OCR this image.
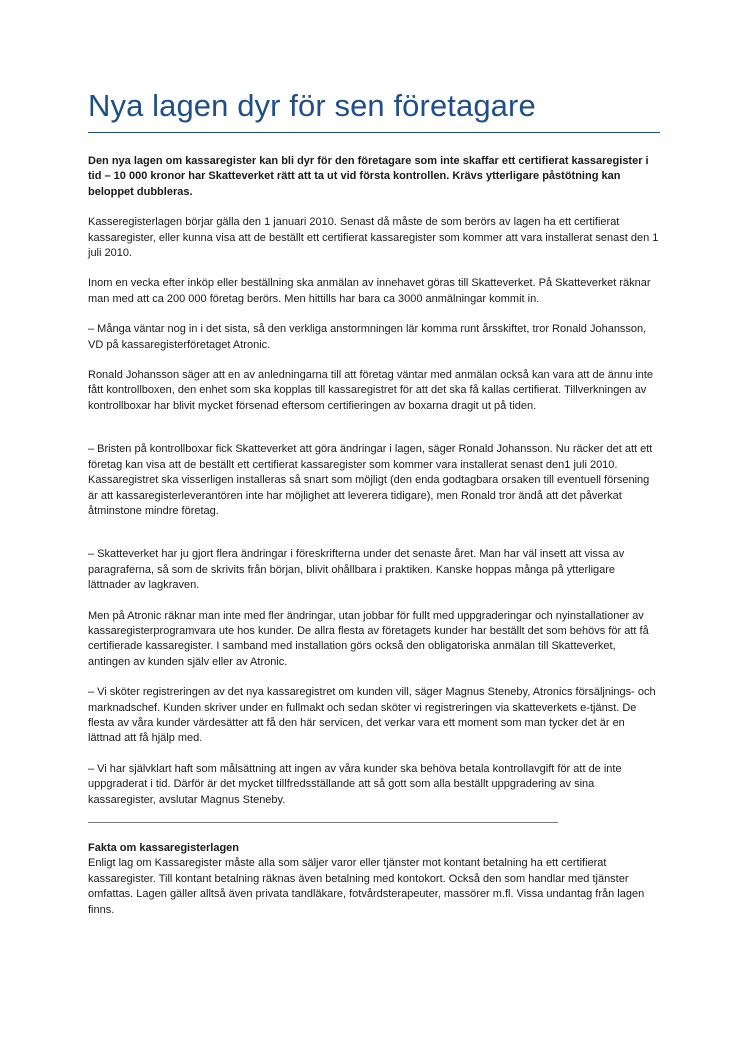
Nya lagen dyr för sen företagare

Den nya lagen om kassaregister kan bli dyr för den företagare som inte skaffar ett certifierat kassaregister i tid – 10 000 kronor har Skatteverket rätt att ta ut vid första kontrollen. Krävs ytterligare påstötning kan beloppet dubbleras.

Kasseregisterlagen börjar gälla den 1 januari 2010. Senast då måste de som berörs av lagen ha ett certifierat kassaregister, eller kunna visa att de beställt ett certifierat kassaregister som kommer att vara installerat senast den 1 juli 2010.

Inom en vecka efter inköp eller beställning ska anmälan av innehavet göras till Skatteverket. På Skatteverket räknar man med att ca 200 000 företag berörs. Men hittills har bara ca 3000 anmälningar kommit in.

– Många väntar nog in i det sista, så den verkliga anstormningen lär komma runt årsskiftet, tror Ronald Johansson, VD på kassaregisterföretaget Atronic.

Ronald Johansson säger att en av anledningarna till att företag väntar med anmälan också kan vara att de ännu inte fått kontrollboxen, den enhet som ska kopplas till kassaregistret för att det ska få kallas certifierat. Tillverkningen av kontrollboxar har blivit mycket försenad eftersom certifieringen av boxarna dragit ut på tiden.

– Bristen på kontrollboxar fick Skatteverket att göra ändringar i lagen, säger Ronald Johansson. Nu räcker det att ett företag kan visa att de beställt ett certifierat kassaregister som kommer vara installerat senast den1 juli 2010. Kassaregistret ska visserligen installeras så snart som möjligt (den enda godtagbara orsaken till eventuell försening är att kassaregisterleverantören inte har möjlighet att leverera tidigare), men Ronald tror ändå att det påverkat åtminstone mindre företag.

– Skatteverket har ju gjort flera ändringar i föreskrifterna under det senaste året. Man har väl insett att vissa av paragraferna, så som de skrivits från början, blivit ohållbara i praktiken. Kanske hoppas många på ytterligare lättnader av lagkraven.

Men på Atronic räknar man inte med fler ändringar, utan jobbar för fullt med uppgraderingar och nyinstallationer av kassaregisterprogramvara ute hos kunder. De allra flesta av företagets kunder har beställt det som behövs för att få certifierade kassaregister. I samband med installation görs också den obligatoriska anmälan till Skatteverket, antingen av kunden själv eller av Atronic.

– Vi sköter registreringen av det nya kassaregistret om kunden vill, säger Magnus Steneby, Atronics försäljnings- och marknadschef. Kunden skriver under en fullmakt och sedan sköter vi registreringen via skatteverkets e-tjänst. De flesta av våra kunder värdesätter att få den här servicen, det verkar vara ett moment som man tycker det är en lättnad att få hjälp med.

– Vi har självklart haft som målsättning att ingen av våra kunder ska behöva betala kontrollavgift för att de inte uppgraderat i tid. Därför är det mycket tillfredsställande att så gott som alla beställt uppgradering av sina kassaregister, avslutar Magnus Steneby.

Fakta om kassaregisterlagen

Enligt lag om Kassaregister måste alla som säljer varor eller tjänster mot kontant betalning ha ett certifierat kassaregister. Till kontant betalning räknas även betalning med kontokort. Också den som handlar med tjänster omfattas. Lagen gäller alltså även privata tandläkare, fotvårdsterapeuter, massörer m.fl. Vissa undantag från lagen finns.
